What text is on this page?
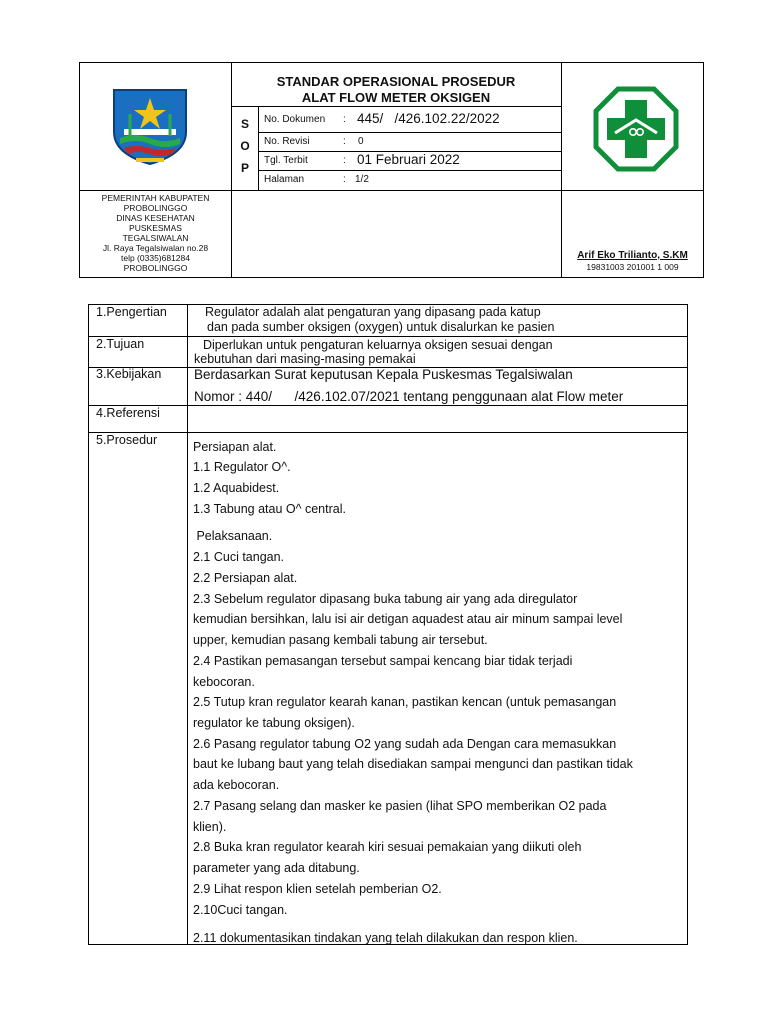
STANDAR OPERASIONAL PROSEDUR
ALAT FLOW METER OKSIGEN
S
O
P
No. Dokumen : 445/   /426.102.22/2022
No. Revisi	: 0
Tgl. Terbit	: 01 Februari 2022
Halaman	: 1/2
PEMERINTAH KABUPATEN
PROBOLINGGO
DINAS KESEHATAN
PUSKESMAS
TEGALSIWALAN
Jl. Raya Tegalsiwalan no.28
telp (0335)681284
PROBOLINGGO
Arif Eko Trilianto, S.KM
19831003 201001 1 009
1.Pengertian	Regulator adalah alat pengaturan yang dipasang pada katup
dan pada sumber oksigen (oxygen) untuk disalurkan ke pasien
2.Tujuan	Diperlukan untuk pengaturan keluarnya oksigen sesuai dengan
kebutuhan dari masing-masing pemakai
3.Kebijakan Berdasarkan Surat keputusan Kepala Puskesmas Tegalsiwalan
Nomor : 440/      /426.102.07/2021 tentang penggunaan alat Flow meter
4.Referensi
5.Prosedur	Persiapan alat.
1.1 Regulator O^.
1.2 Aquabidest.
1.3 Tabung atau O^ central.
Pelaksanaan.
2.1 Cuci tangan.
2.2 Persiapan alat.
2.3 Sebelum regulator dipasang buka tabung air yang ada diregulator
kemudian bersihkan, lalu isi air detigan aquadest atau air minum sampai level
upper, kemudian pasang kembali tabung air tersebut.
2.4 Pastikan pemasangan tersebut sampai kencang biar tidak terjadi
kebocoran.
2.5 Tutup kran regulator kearah kanan, pastikan kencan (untuk pemasangan
regulator ke tabung oksigen).
2.6 Pasang regulator tabung O2 yang sudah ada Dengan cara memasukkan
baut ke lubang baut yang telah disediakan sampai mengunci dan pastikan tidak
ada kebocoran.
2.7 Pasang selang dan masker ke pasien (lihat SPO memberikan O2 pada
klien).
2.8 Buka kran regulator kearah kiri sesuai pemakaian yang diikuti oleh
parameter yang ada ditabung.
2.9 Lihat respon klien setelah pemberian O2.
2.10Cuci tangan.
2.11 dokumentasikan tindakan yang telah dilakukan dan respon klien.
